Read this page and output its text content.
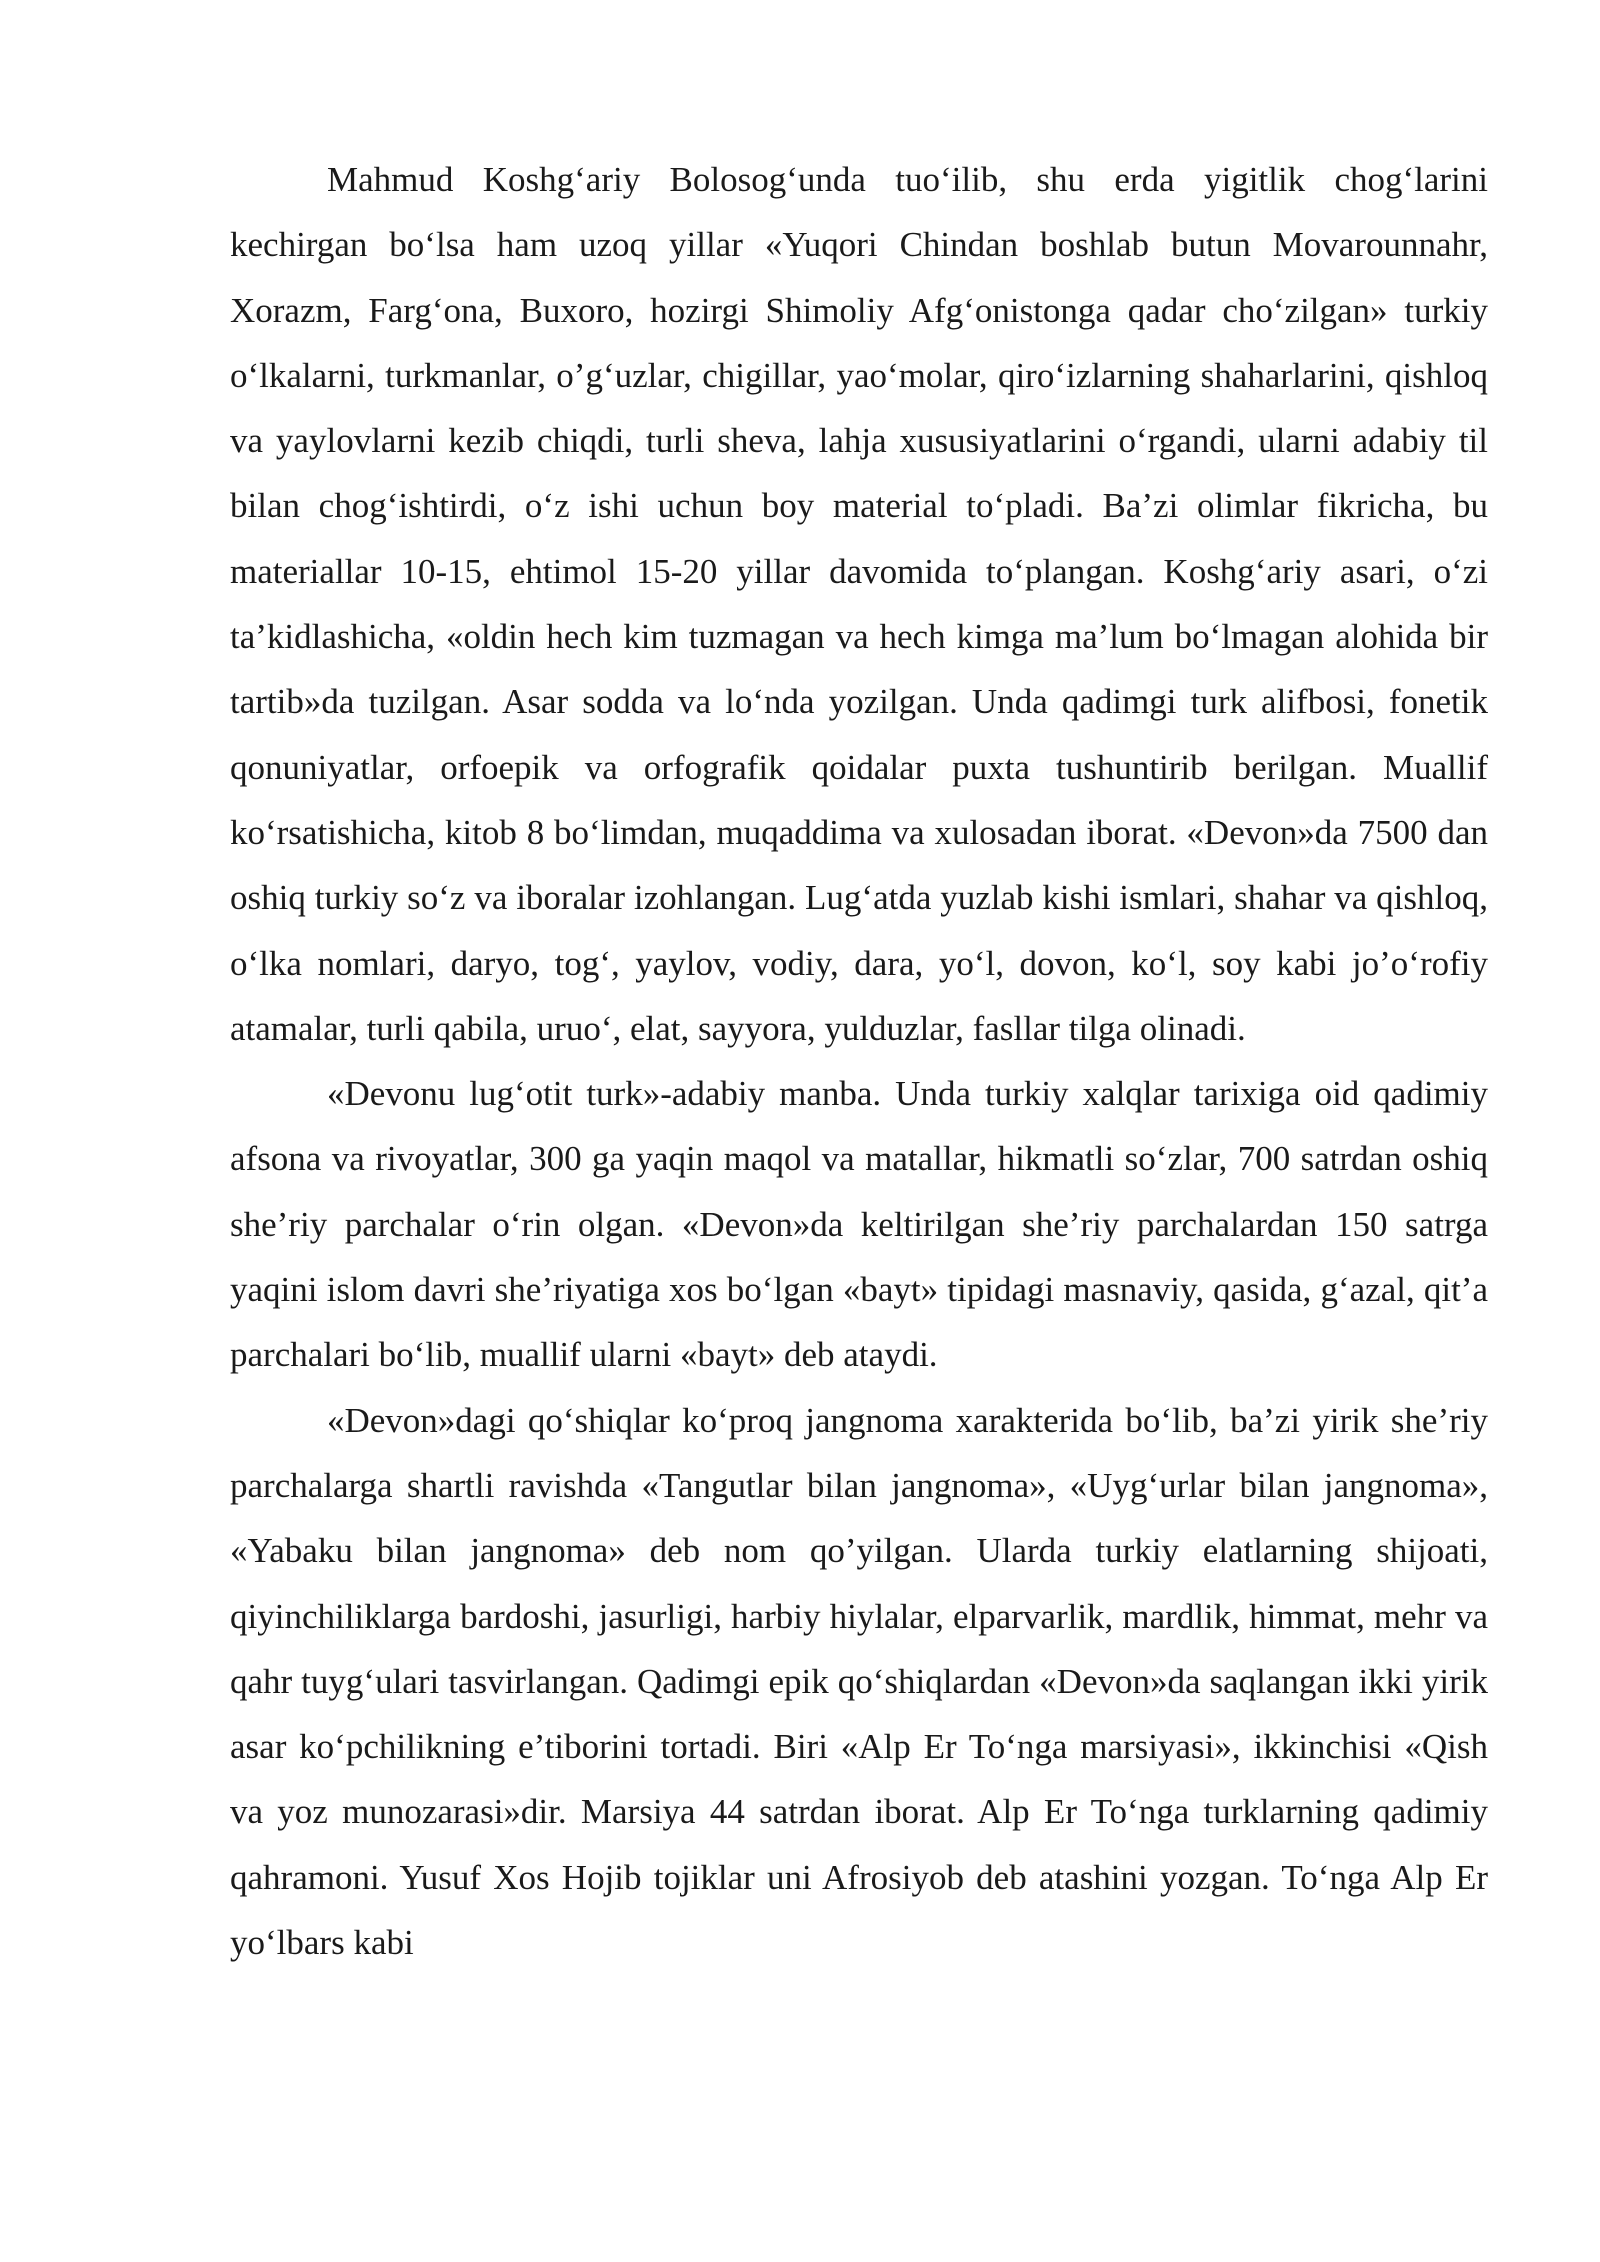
Mahmud Koshg‘ariy Bolosog‘unda tuo‘ilib, shu erda yigitlik chog‘larini kechirgan bo‘lsa ham uzoq yillar «Yuqori Chindan boshlab butun Movarounnahr, Xorazm, Farg‘ona, Buxoro, hozirgi Shimoliy Afg‘onistonga qadar cho‘zilgan» turkiy o‘lkalarni, turkmanlar, o’g‘uzlar, chigillar, yao‘molar, qiro‘izlarning shaharlarini, qishloq va yaylovlarni kezib chiqdi, turli sheva, lahja xususiyatlarini o‘rgandi, ularni adabiy til bilan chog‘ishtirdi, o‘z ishi uchun boy material to‘pladi. Ba’zi olimlar fikricha, bu materiallar 10-15, ehtimol 15-20 yillar davomida to‘plangan. Koshg‘ariy asari, o‘zi ta’kidlashicha, «oldin hech kim tuzmagan va hech kimga ma’lum bo‘lmagan alohida bir tartib»da tuzilgan. Asar sodda va lo‘nda yozilgan. Unda qadimgi turk alifbosi, fonetik qonuniyatlar, orfoepik va orfografik qoidalar puxta tushuntirib berilgan. Muallif ko‘rsatishicha, kitob 8 bo‘limdan, muqaddima va xulosadan iborat. «Devon»da 7500 dan oshiq turkiy so‘z va iboralar izohlangan. Lug‘atda yuzlab kishi ismlari, shahar va qishloq, o‘lka nomlari, daryo, tog‘, yaylov, vodiy, dara, yo‘l, dovon, ko‘l, soy kabi jo’o‘rofiy atamalar, turli qabila, uruo‘, elat, sayyora, yulduzlar, fasllar tilga olinadi.

«Devonu lug‘otit turk»-adabiy manba. Unda turkiy xalqlar tarixiga oid qadimiy afsona va rivoyatlar, 300 ga yaqin maqol va matallar, hikmatli so‘zlar, 700 satrdan oshiq she’riy parchalar o‘rin olgan. «Devon»da keltirilgan she’riy parchalardan 150 satrga yaqini islom davri she’riyatiga xos bo‘lgan «bayt» tipidagi masnaviy, qasida, g‘azal, qit’a parchalari bo‘lib, muallif ularni «bayt» deb ataydi.

«Devon»dagi qo‘shiqlar ko‘proq jangnoma xarakterida bo‘lib, ba’zi yirik she’riy parchalarga shartli ravishda «Tangutlar bilan jangnoma», «Uyg‘urlar bilan jangnoma», «Yabaku bilan jangnoma» deb nom qo’yilgan. Ularda turkiy elatlarning shijoati, qiyinchiliklarga bardoshi, jasurligi, harbiy hiylalar, elparvarlik, mardlik, himmat, mehr va qahr tuyg‘ulari tasvirlangan. Qadimgi epik qo‘shiqlardan «Devon»da saqlangan ikki yirik asar ko‘pchilikning e’tiborini tortadi. Biri «Alp Er To‘nga marsiyasi», ikkinchisi «Qish va yoz munozarasi»dir. Marsiya 44 satrdan iborat. Alp Er To‘nga turklarning qadimiy qahramoni. Yusuf Xos Hojib tojiklar uni Afrosiyob deb atashini yozgan. To‘nga Alp Er yo‘lbars kabi
